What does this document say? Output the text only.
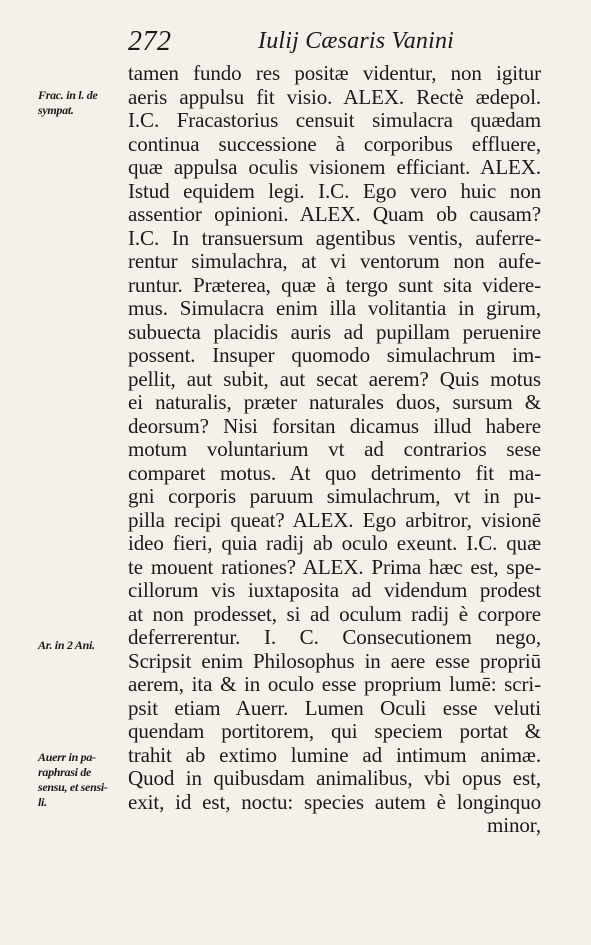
272	Iulij Cæsaris Vanini
Frac. in l. de
sympat.
Ar. in 2 Ani.
Auerr in pa-
raphrasi de
sensu, et sensi-
li.
tamen fundo res positæ videntur, non igitur
aeris appulsu fit visio. ALEX. Rectè ædepol.
I.C. Fracastorius censuit simulacra quædam
continua successione à corporibus effluere,
quæ appulsa oculis visionem efficiant. ALEX.
Istud equidem legi. I.C. Ego vero huic non
assentior opinioni. ALEX. Quam ob causam?
I.C. In transuersum agentibus ventis, auferre-
rentur simulachra, at vi ventorum non aufe-
runtur. Præterea, quæ à tergo sunt sita videre-
mus. Simulacra enim illa volitantia in girum,
subuecta placidis auris ad pupillam peruenire
possent. Insuper quomodo simulachrum im-
pellit, aut subit, aut secat aerem? Quis motus
ei naturalis, præter naturales duos, sursum &
deorsum? Nisi forsitan dicamus illud habere
motum voluntarium vt ad contrarios sese
comparet motus. At quo detrimento fit ma-
gni corporis paruum simulachrum, vt in pu-
pilla recipi queat? ALEX. Ego arbitror, visionē
ideo fieri, quia radij ab oculo exeunt. I.C. quæ
te mouent rationes? ALEX. Prima hæc est, spe-
cillorum vis iuxtaposita ad videndum prodest
at non prodesset, si ad oculum radij è corpore
deferrerentur. I. C. Consecutionem nego,
Scripsit enim Philosophus in aere esse propriū
aerem, ita & in oculo esse proprium lumē: scri-
psit etiam Auerr. Lumen Oculi esse veluti
quendam portitorem, qui speciem portat &
trahit ab extimo lumine ad intimum animæ.
Quod in quibusdam animalibus, vbi opus est,
exit, id est, noctu: species autem è longinquo
minor,
